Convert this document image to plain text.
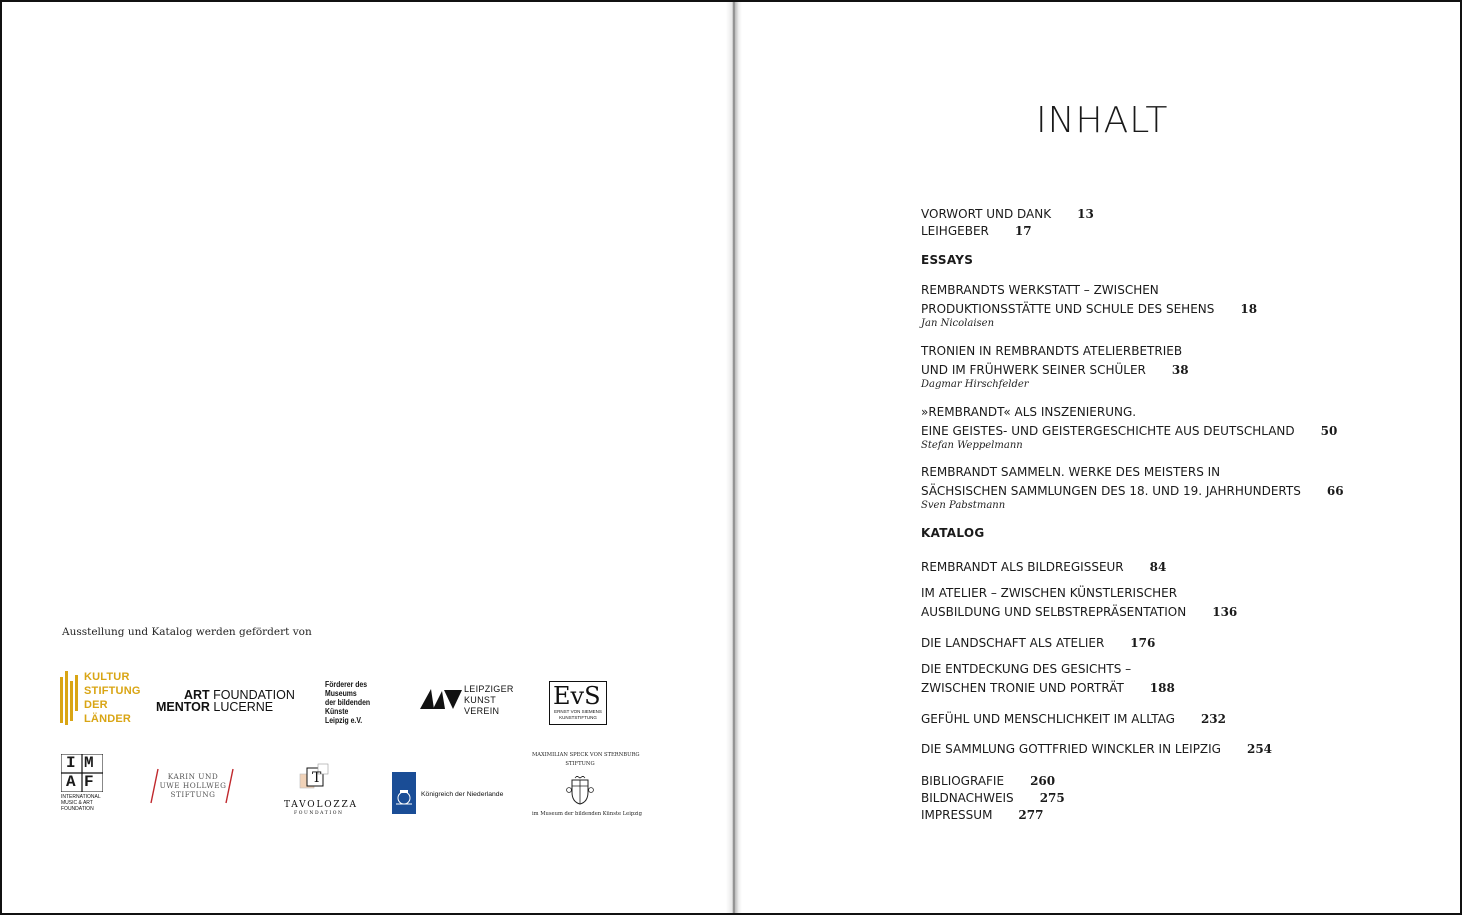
Ausstellung und Katalog werden gefördert von
KULTUR
STIFTUNG
DER
LÄNDER
ART FOUNDATION
MENTOR LUCERNE
Förderer des
Museums
der bildenden
Künste
Leipzig e.V.
LEIPZIGER
KUNST
VEREIN
EvS
ERNST VON SIEMENS
KUNSTSTIFTUNG
I M
A F
INTERNATIONAL
MUSIC & ART
FOUNDATION
KARIN UND
UWE HOLLWEG
STIFTUNG
T
TAVOLOZZA
FOUNDATION
Königreich der Niederlande
MAXIMILIAN SPECK VON STERNBURG
STIFTUNG
im Museum der bildenden Künste Leipzig
INHALT
VORWORT UND DANK 13
LEIHGEBER 17
ESSAYS
REMBRANDTS WERKSTATT – ZWISCHEN
PRODUKTIONSSTÄTTE UND SCHULE DES SEHENS 18
Jan Nicolaisen
TRONIEN IN REMBRANDTS ATELIERBETRIEB
UND IM FRÜHWERK SEINER SCHÜLER 38
Dagmar Hirschfelder
»REMBRANDT« ALS INSZENIERUNG.
EINE GEISTES- UND GEISTERGESCHICHTE AUS DEUTSCHLAND 50
Stefan Weppelmann
REMBRANDT SAMMELN. WERKE DES MEISTERS IN
SÄCHSISCHEN SAMMLUNGEN DES 18. UND 19. JAHRHUNDERTS 66
Sven Pabstmann
KATALOG
REMBRANDT ALS BILDREGISSEUR 84
IM ATELIER – ZWISCHEN KÜNSTLERISCHER
AUSBILDUNG UND SELBSTREPRÄSENTATION 136
DIE LANDSCHAFT ALS ATELIER 176
DIE ENTDECKUNG DES GESICHTS –
ZWISCHEN TRONIE UND PORTRÄT 188
GEFÜHL UND MENSCHLICHKEIT IM ALLTAG 232
DIE SAMMLUNG GOTTFRIED WINCKLER IN LEIPZIG 254
BIBLIOGRAFIE 260
BILDNACHWEIS 275
IMPRESSUM 277
